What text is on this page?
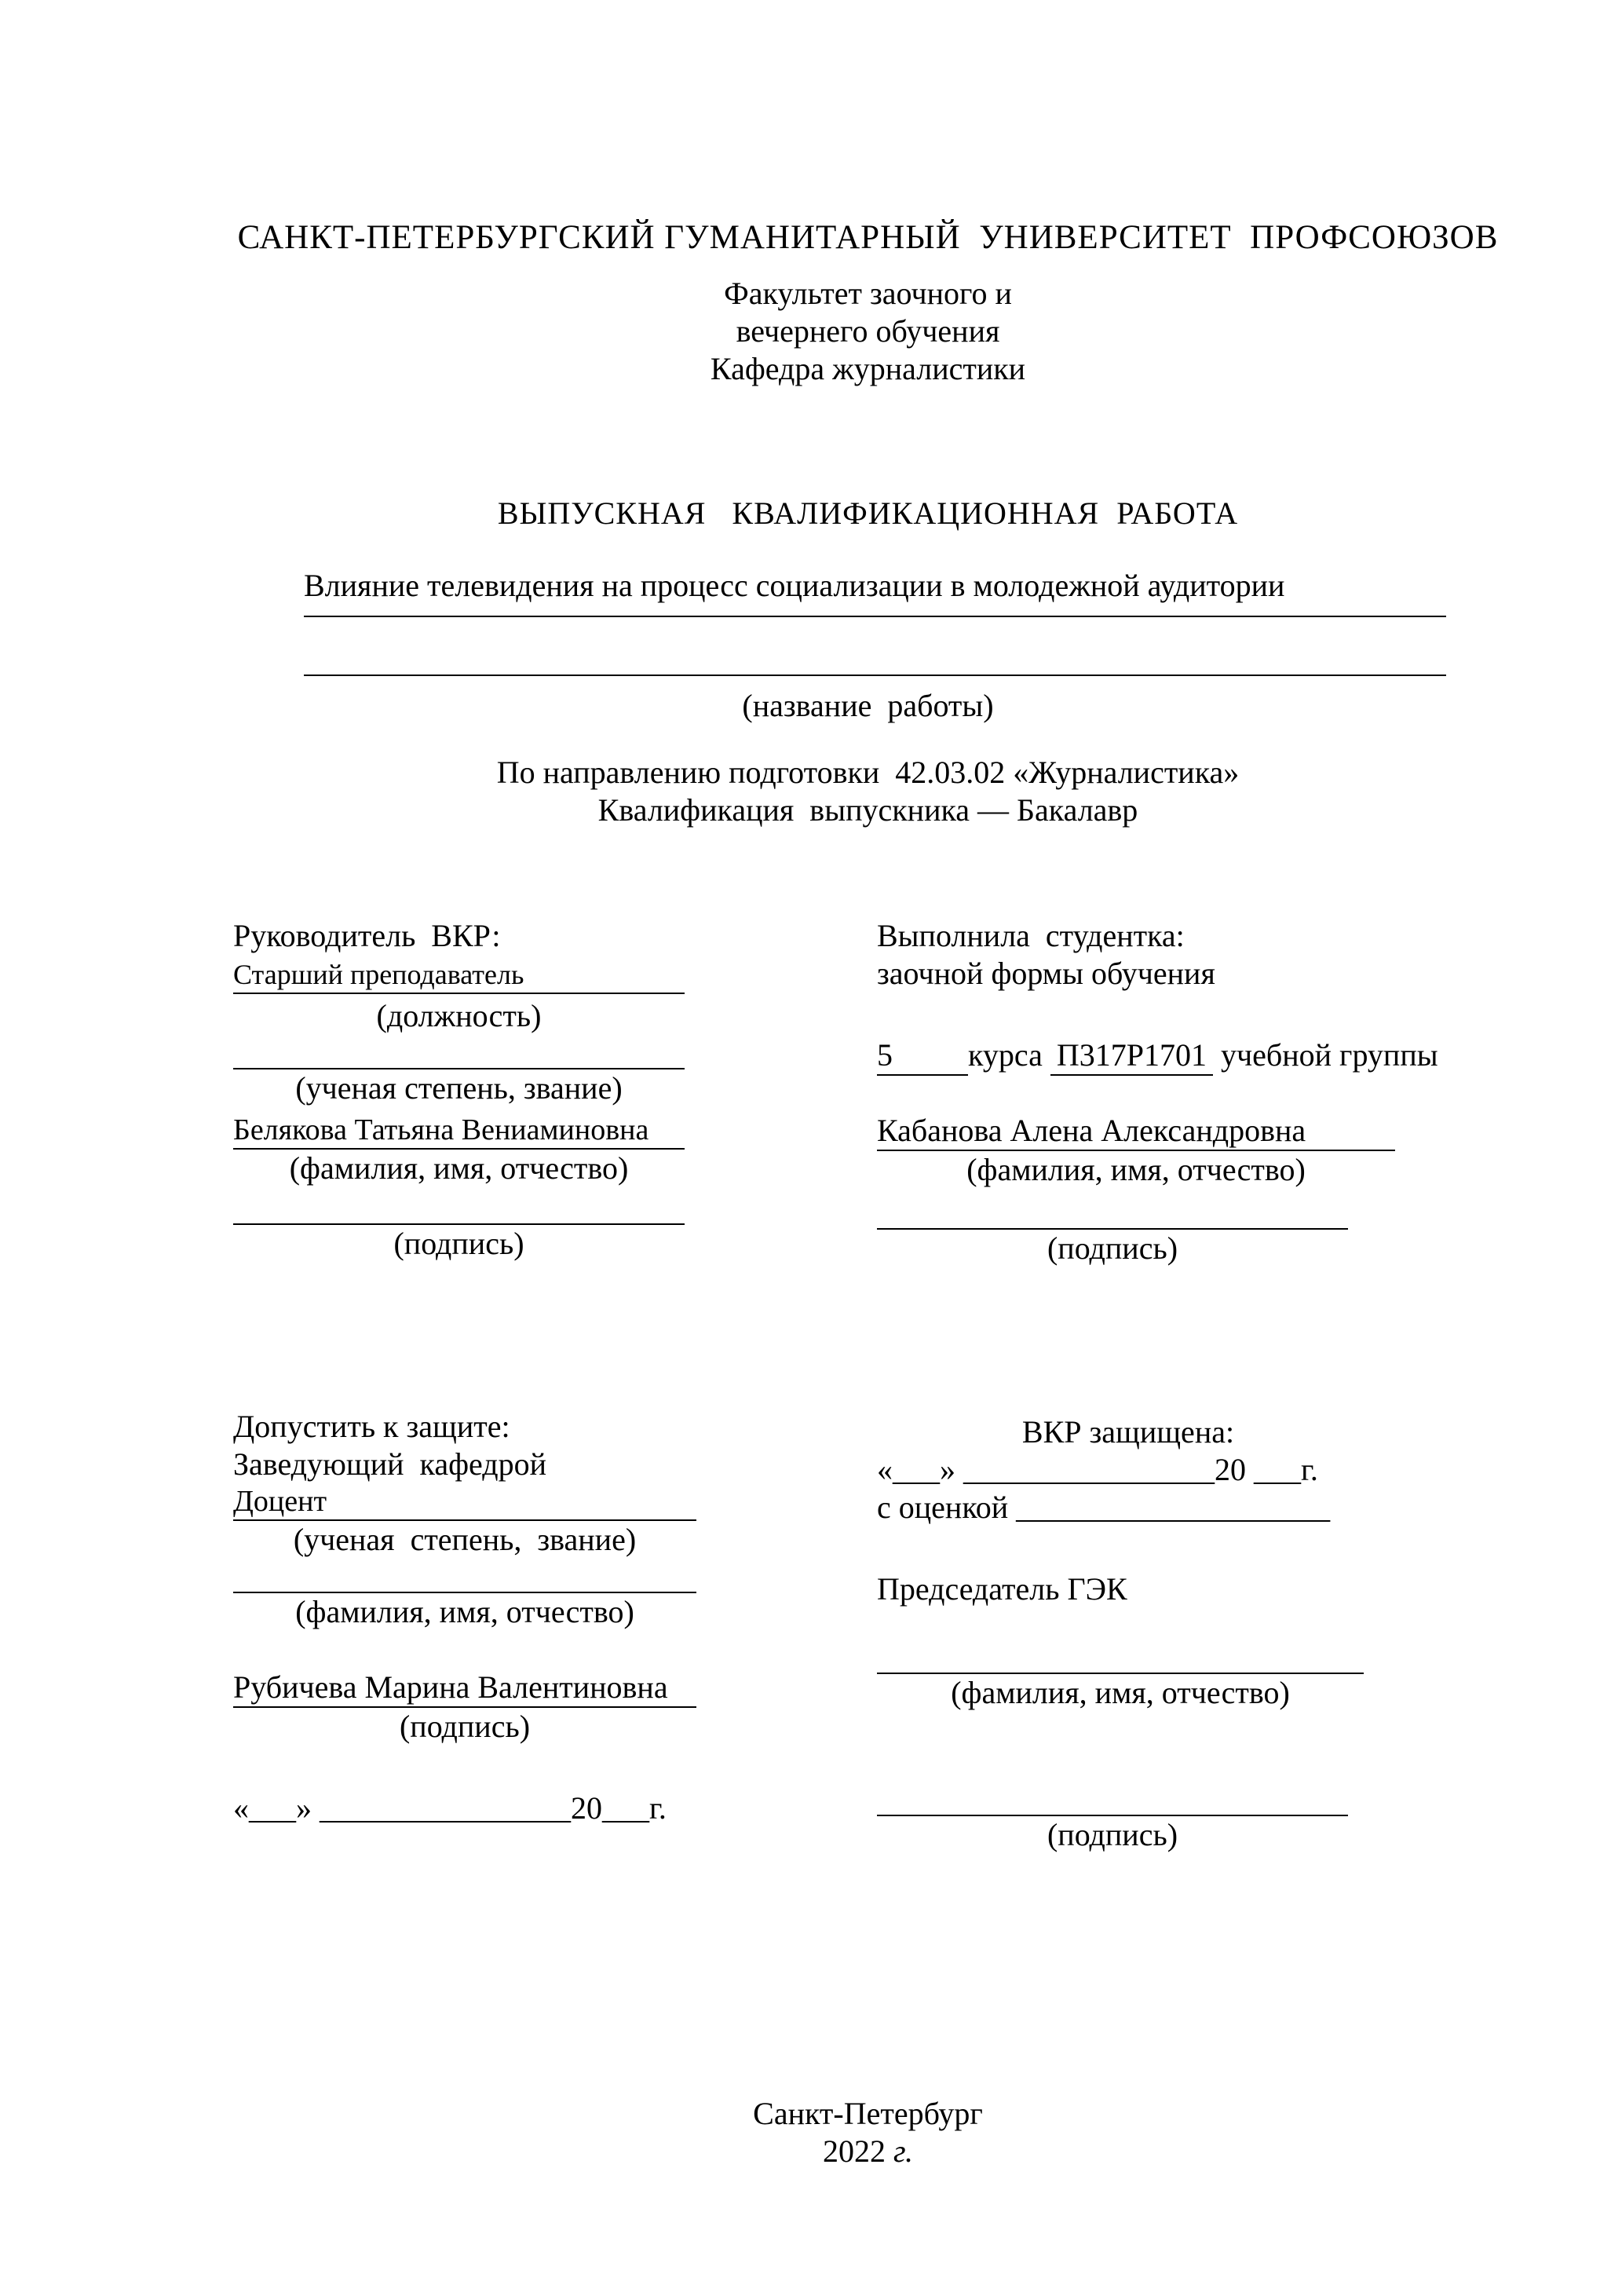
САНКТ-ПЕТЕРБУРГСКИЙ ГУМАНИТАРНЫЙ  УНИВЕРСИТЕТ  ПРОФСОЮЗОВ
Факультет заочного и
вечернего обучения
Кафедра журналистики
ВЫПУСКНАЯ   КВАЛИФИКАЦИОННАЯ  РАБОТА
Влияние телевидения на процесс социализации в молодежной аудитории
(название  работы)
По направлению подготовки  42.03.02 «Журналистика»
Квалификация  выпускника — Бакалавр
Руководитель  ВКР:
Старший преподаватель
(должность)
(ученая степень, звание)
Белякова Татьяна Вениаминовна
(фамилия, имя, отчество)
(подпись)
Выполнила  студентка:
заочной формы обучения
5 курса П317Р1701 учебной группы
Кабанова Алена Александровна
(фамилия, имя, отчество)
(подпись)
Допустить к защите:
Заведующий  кафедрой
Доцент
(ученая  степень,  звание)
(фамилия, имя, отчество)
Рубичева Марина Валентиновна
(подпись)
«___» ________________20___г.
ВКР защищена:
«___» ________________20 ___г.
с оценкой ____________________
Председатель ГЭК
(фамилия, имя, отчество)
(подпись)
Санкт-Петербург
2022 г.
